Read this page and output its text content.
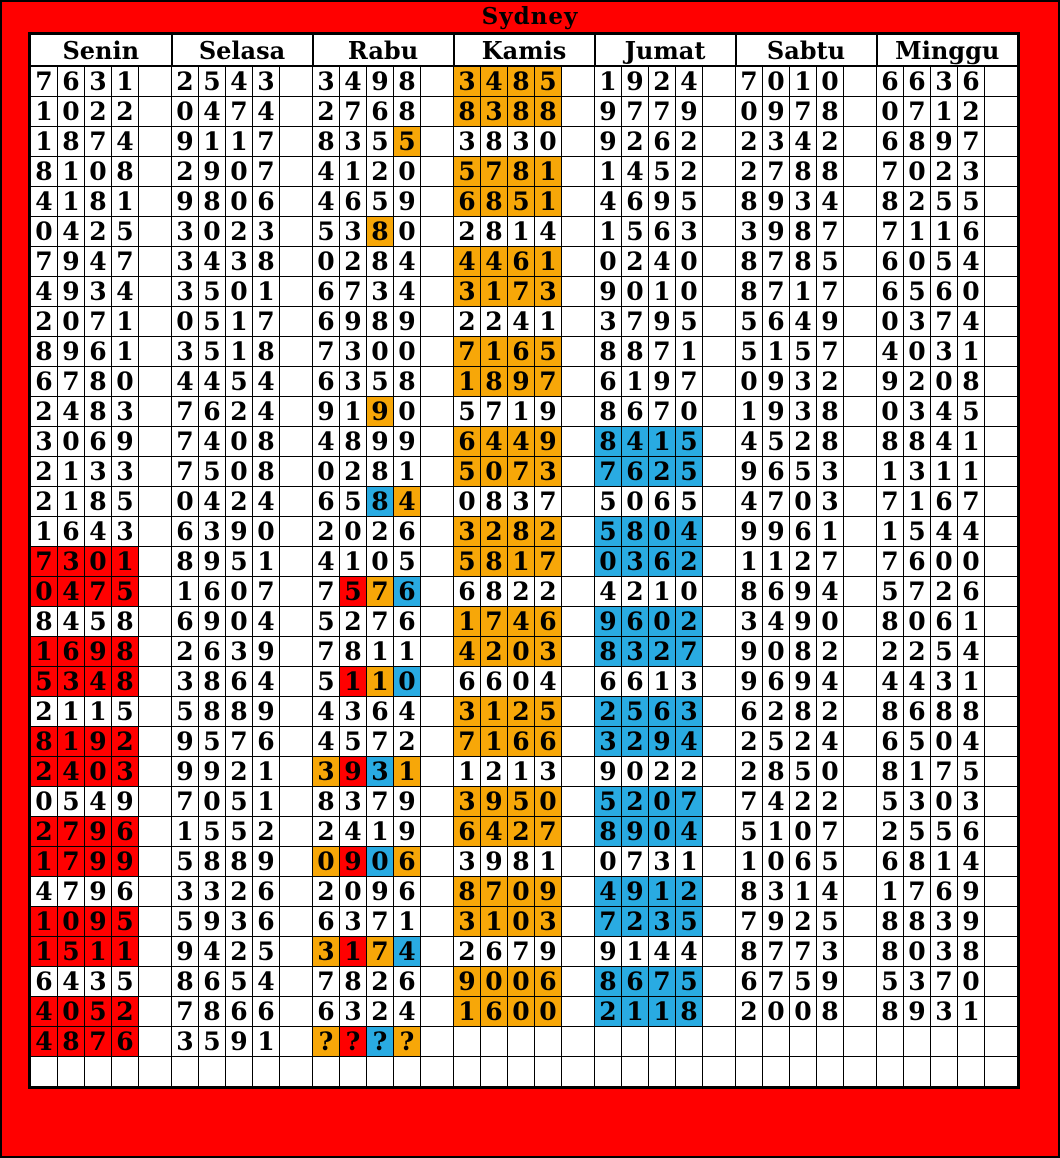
Sydney
Senin					Selasa					Rabu					Kamis					Jumat					Sabtu					Minggu				
7	6	3	1		2	5	4	3		3	4	9	8		3	4	8	5		1	9	2	4		7	0	1	0		6	6	3	6	
1	0	2	2		0	4	7	4		2	7	6	8		8	3	8	8		9	7	7	9		0	9	7	8		0	7	1	2	
1	8	7	4		9	1	1	7		8	3	5	5		3	8	3	0		9	2	6	2		2	3	4	2		6	8	9	7	
8	1	0	8		2	9	0	7		4	1	2	0		5	7	8	1		1	4	5	2		2	7	8	8		7	0	2	3	
4	1	8	1		9	8	0	6		4	6	5	9		6	8	5	1		4	6	9	5		8	9	3	4		8	2	5	5	
0	4	2	5		3	0	2	3		5	3	8	0		2	8	1	4		1	5	6	3		3	9	8	7		7	1	1	6	
7	9	4	7		3	4	3	8		0	2	8	4		4	4	6	1		0	2	4	0		8	7	8	5		6	0	5	4	
4	9	3	4		3	5	0	1		6	7	3	4		3	1	7	3		9	0	1	0		8	7	1	7		6	5	6	0	
2	0	7	1		0	5	1	7		6	9	8	9		2	2	4	1		3	7	9	5		5	6	4	9		0	3	7	4	
8	9	6	1		3	5	1	8		7	3	0	0		7	1	6	5		8	8	7	1		5	1	5	7		4	0	3	1	
6	7	8	0		4	4	5	4		6	3	5	8		1	8	9	7		6	1	9	7		0	9	3	2		9	2	0	8	
2	4	8	3		7	6	2	4		9	1	9	0		5	7	1	9		8	6	7	0		1	9	3	8		0	3	4	5	
3	0	6	9		7	4	0	8		4	8	9	9		6	4	4	9		8	4	1	5		4	5	2	8		8	8	4	1	
2	1	3	3		7	5	0	8		0	2	8	1		5	0	7	3		7	6	2	5		9	6	5	3		1	3	1	1	
2	1	8	5		0	4	2	4		6	5	8	4		0	8	3	7		5	0	6	5		4	7	0	3		7	1	6	7	
1	6	4	3		6	3	9	0		2	0	2	6		3	2	8	2		5	8	0	4		9	9	6	1		1	5	4	4	
7	3	0	1		8	9	5	1		4	1	0	5		5	8	1	7		0	3	6	2		1	1	2	7		7	6	0	0	
0	4	7	5		1	6	0	7		7	5	7	6		6	8	2	2		4	2	1	0		8	6	9	4		5	7	2	6	
8	4	5	8		6	9	0	4		5	2	7	6		1	7	4	6		9	6	0	2		3	4	9	0		8	0	6	1	
1	6	9	8		2	6	3	9		7	8	1	1		4	2	0	3		8	3	2	7		9	0	8	2		2	2	5	4	
5	3	4	8		3	8	6	4		5	1	1	0		6	6	0	4		6	6	1	3		9	6	9	4		4	4	3	1	
2	1	1	5		5	8	8	9		4	3	6	4		3	1	2	5		2	5	6	3		6	2	8	2		8	6	8	8	
8	1	9	2		9	5	7	6		4	5	7	2		7	1	6	6		3	2	9	4		2	5	2	4		6	5	0	4	
2	4	0	3		9	9	2	1		3	9	3	1		1	2	1	3		9	0	2	2		2	8	5	0		8	1	7	5	
0	5	4	9		7	0	5	1		8	3	7	9		3	9	5	0		5	2	0	7		7	4	2	2		5	3	0	3	
2	7	9	6		1	5	5	2		2	4	1	9		6	4	2	7		8	9	0	4		5	1	0	7		2	5	5	6	
1	7	9	9		5	8	8	9		0	9	0	6		3	9	8	1		0	7	3	1		1	0	6	5		6	8	1	4	
4	7	9	6		3	3	2	6		2	0	9	6		8	7	0	9		4	9	1	2		8	3	1	4		1	7	6	9	
1	0	9	5		5	9	3	6		6	3	7	1		3	1	0	3		7	2	3	5		7	9	2	5		8	8	3	9	
1	5	1	1		9	4	2	5		3	1	7	4		2	6	7	9		9	1	4	4		8	7	7	3		8	0	3	8	
6	4	3	5		8	6	5	4		7	8	2	6		9	0	0	6		8	6	7	5		6	7	5	9		5	3	7	0	
4	0	5	2		7	8	6	6		6	3	2	4		1	6	0	0		2	1	1	8		2	0	0	8		8	9	3	1	
4	8	7	6		3	5	9	1		?	?	?	?																					
